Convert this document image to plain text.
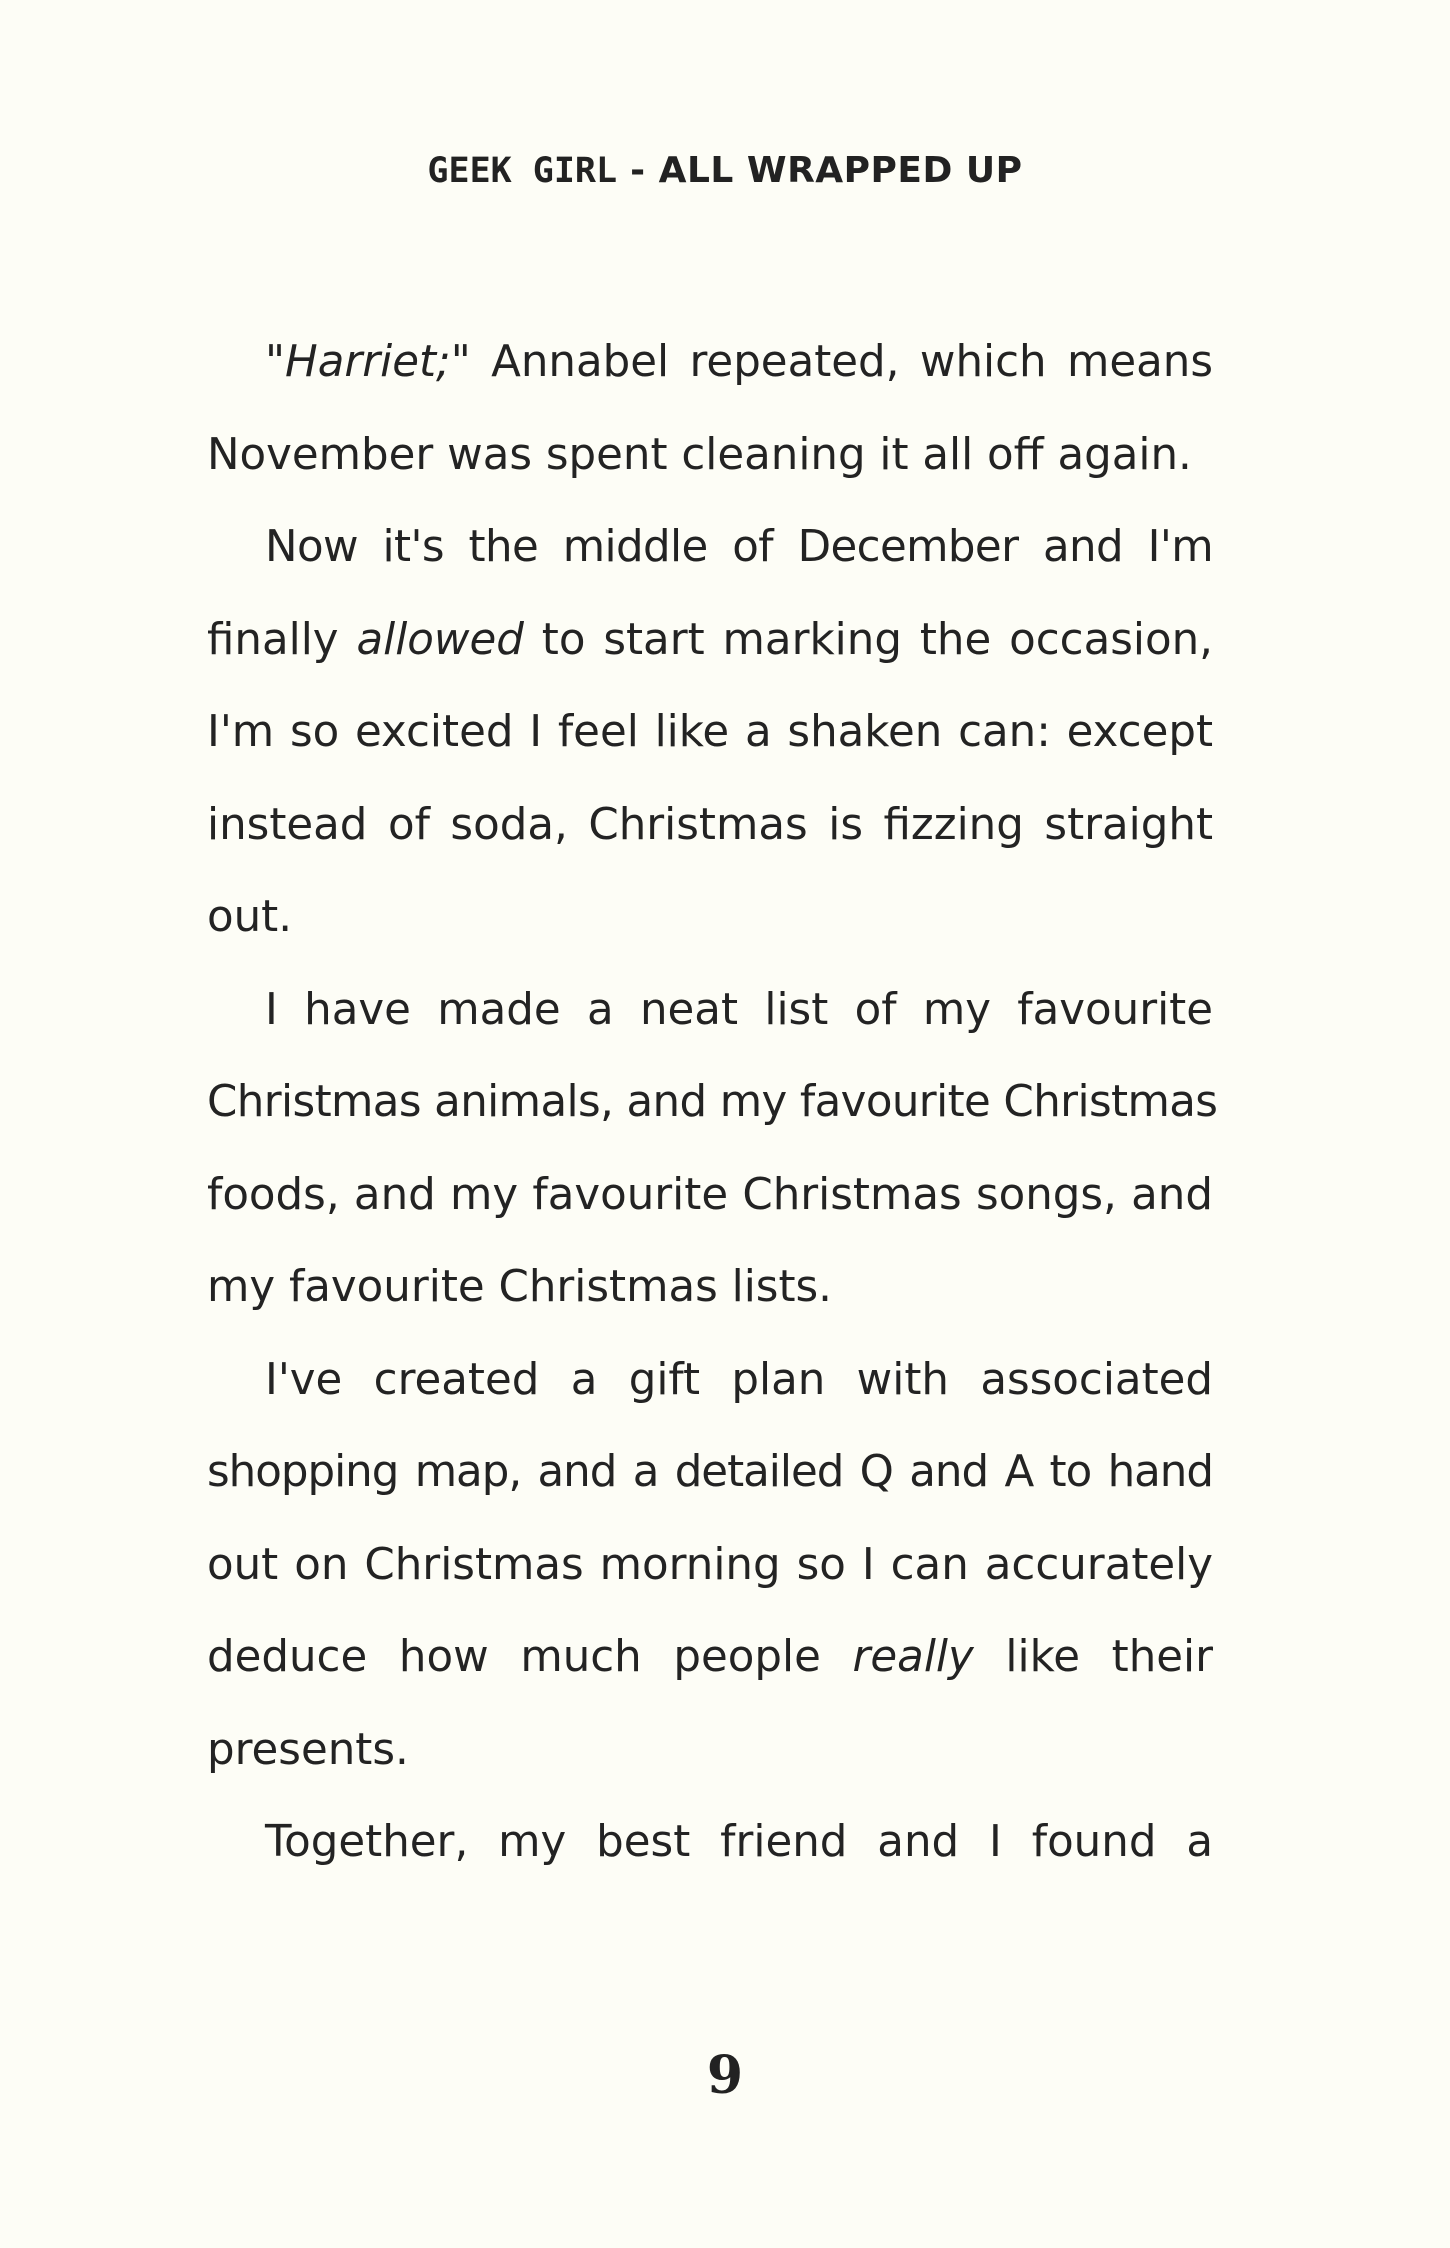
GEEK GIRL - ALL WRAPPED UP
"Harriet;" Annabel repeated, which means
November was spent cleaning it all off again.
Now it's the middle of December and I'm
finally allowed to start marking the occasion,
I'm so excited I feel like a shaken can: except
instead of soda, Christmas is fizzing straight
out.
I have made a neat list of my favourite
Christmas animals, and my favourite Christmas
foods, and my favourite Christmas songs, and
my favourite Christmas lists.
I've created a gift plan with associated
shopping map, and a detailed Q and A to hand
out on Christmas morning so I can accurately
deduce how much people really like their
presents.
Together, my best friend and I found a
9
